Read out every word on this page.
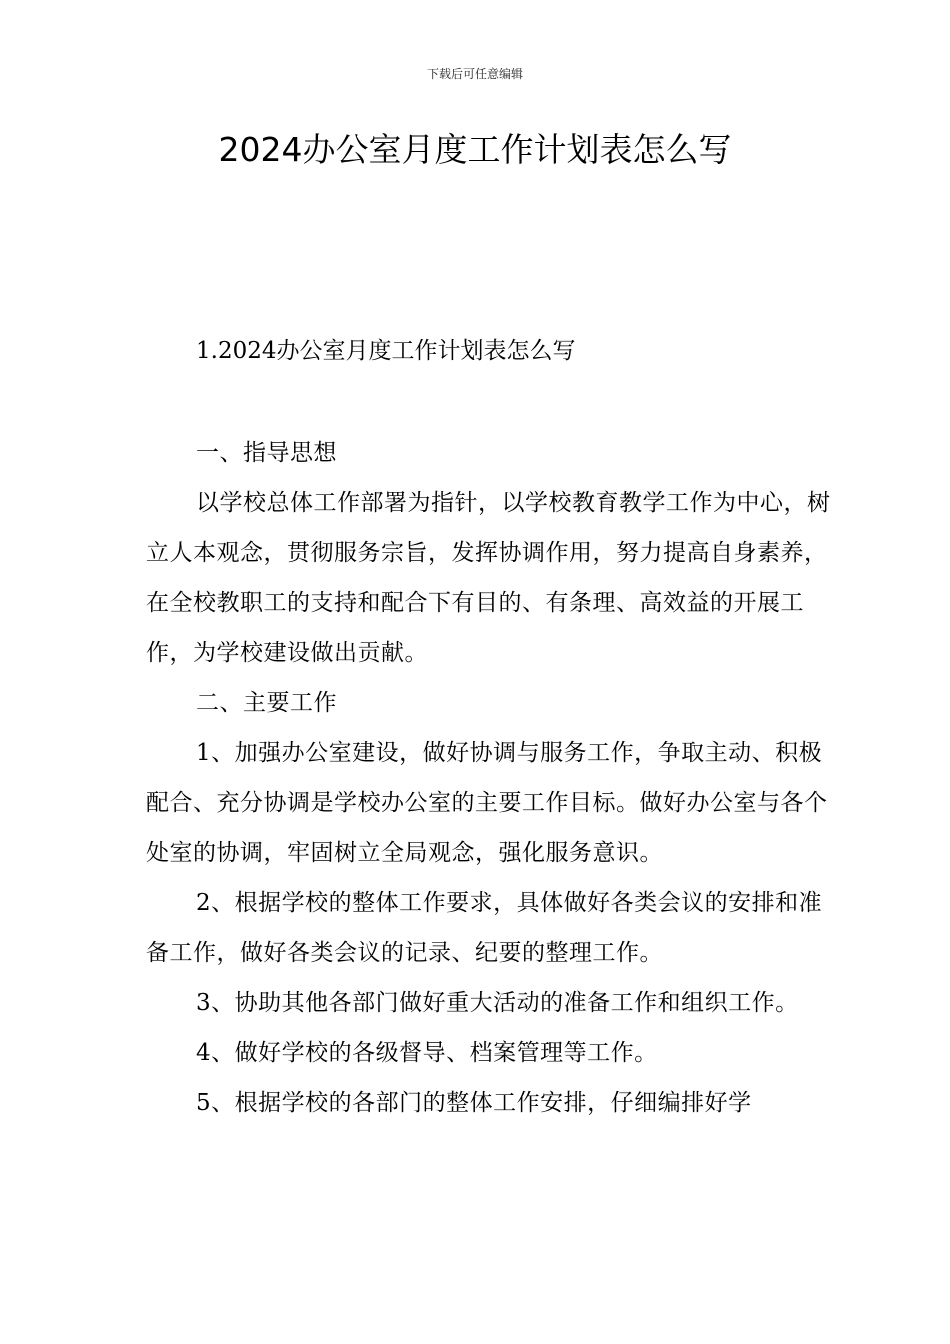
下载后可任意编辑
2024办公室月度工作计划表怎么写
1.2024办公室月度工作计划表怎么写

一、指导思想

以学校总体工作部署为指针，以学校教育教学工作为中心，树立人本观念，贯彻服务宗旨，发挥协调作用，努力提高自身素养，在全校教职工的支持和配合下有目的、有条理、高效益的开展工作，为学校建设做出贡献。

二、主要工作

1、加强办公室建设，做好协调与服务工作，争取主动、积极配合、充分协调是学校办公室的主要工作目标。做好办公室与各个处室的协调，牢固树立全局观念，强化服务意识。

2、根据学校的整体工作要求，具体做好各类会议的安排和准备工作，做好各类会议的记录、纪要的整理工作。

3、协助其他各部门做好重大活动的准备工作和组织工作。

4、做好学校的各级督导、档案管理等工作。

5、根据学校的各部门的整体工作安排，仔细编排好学
